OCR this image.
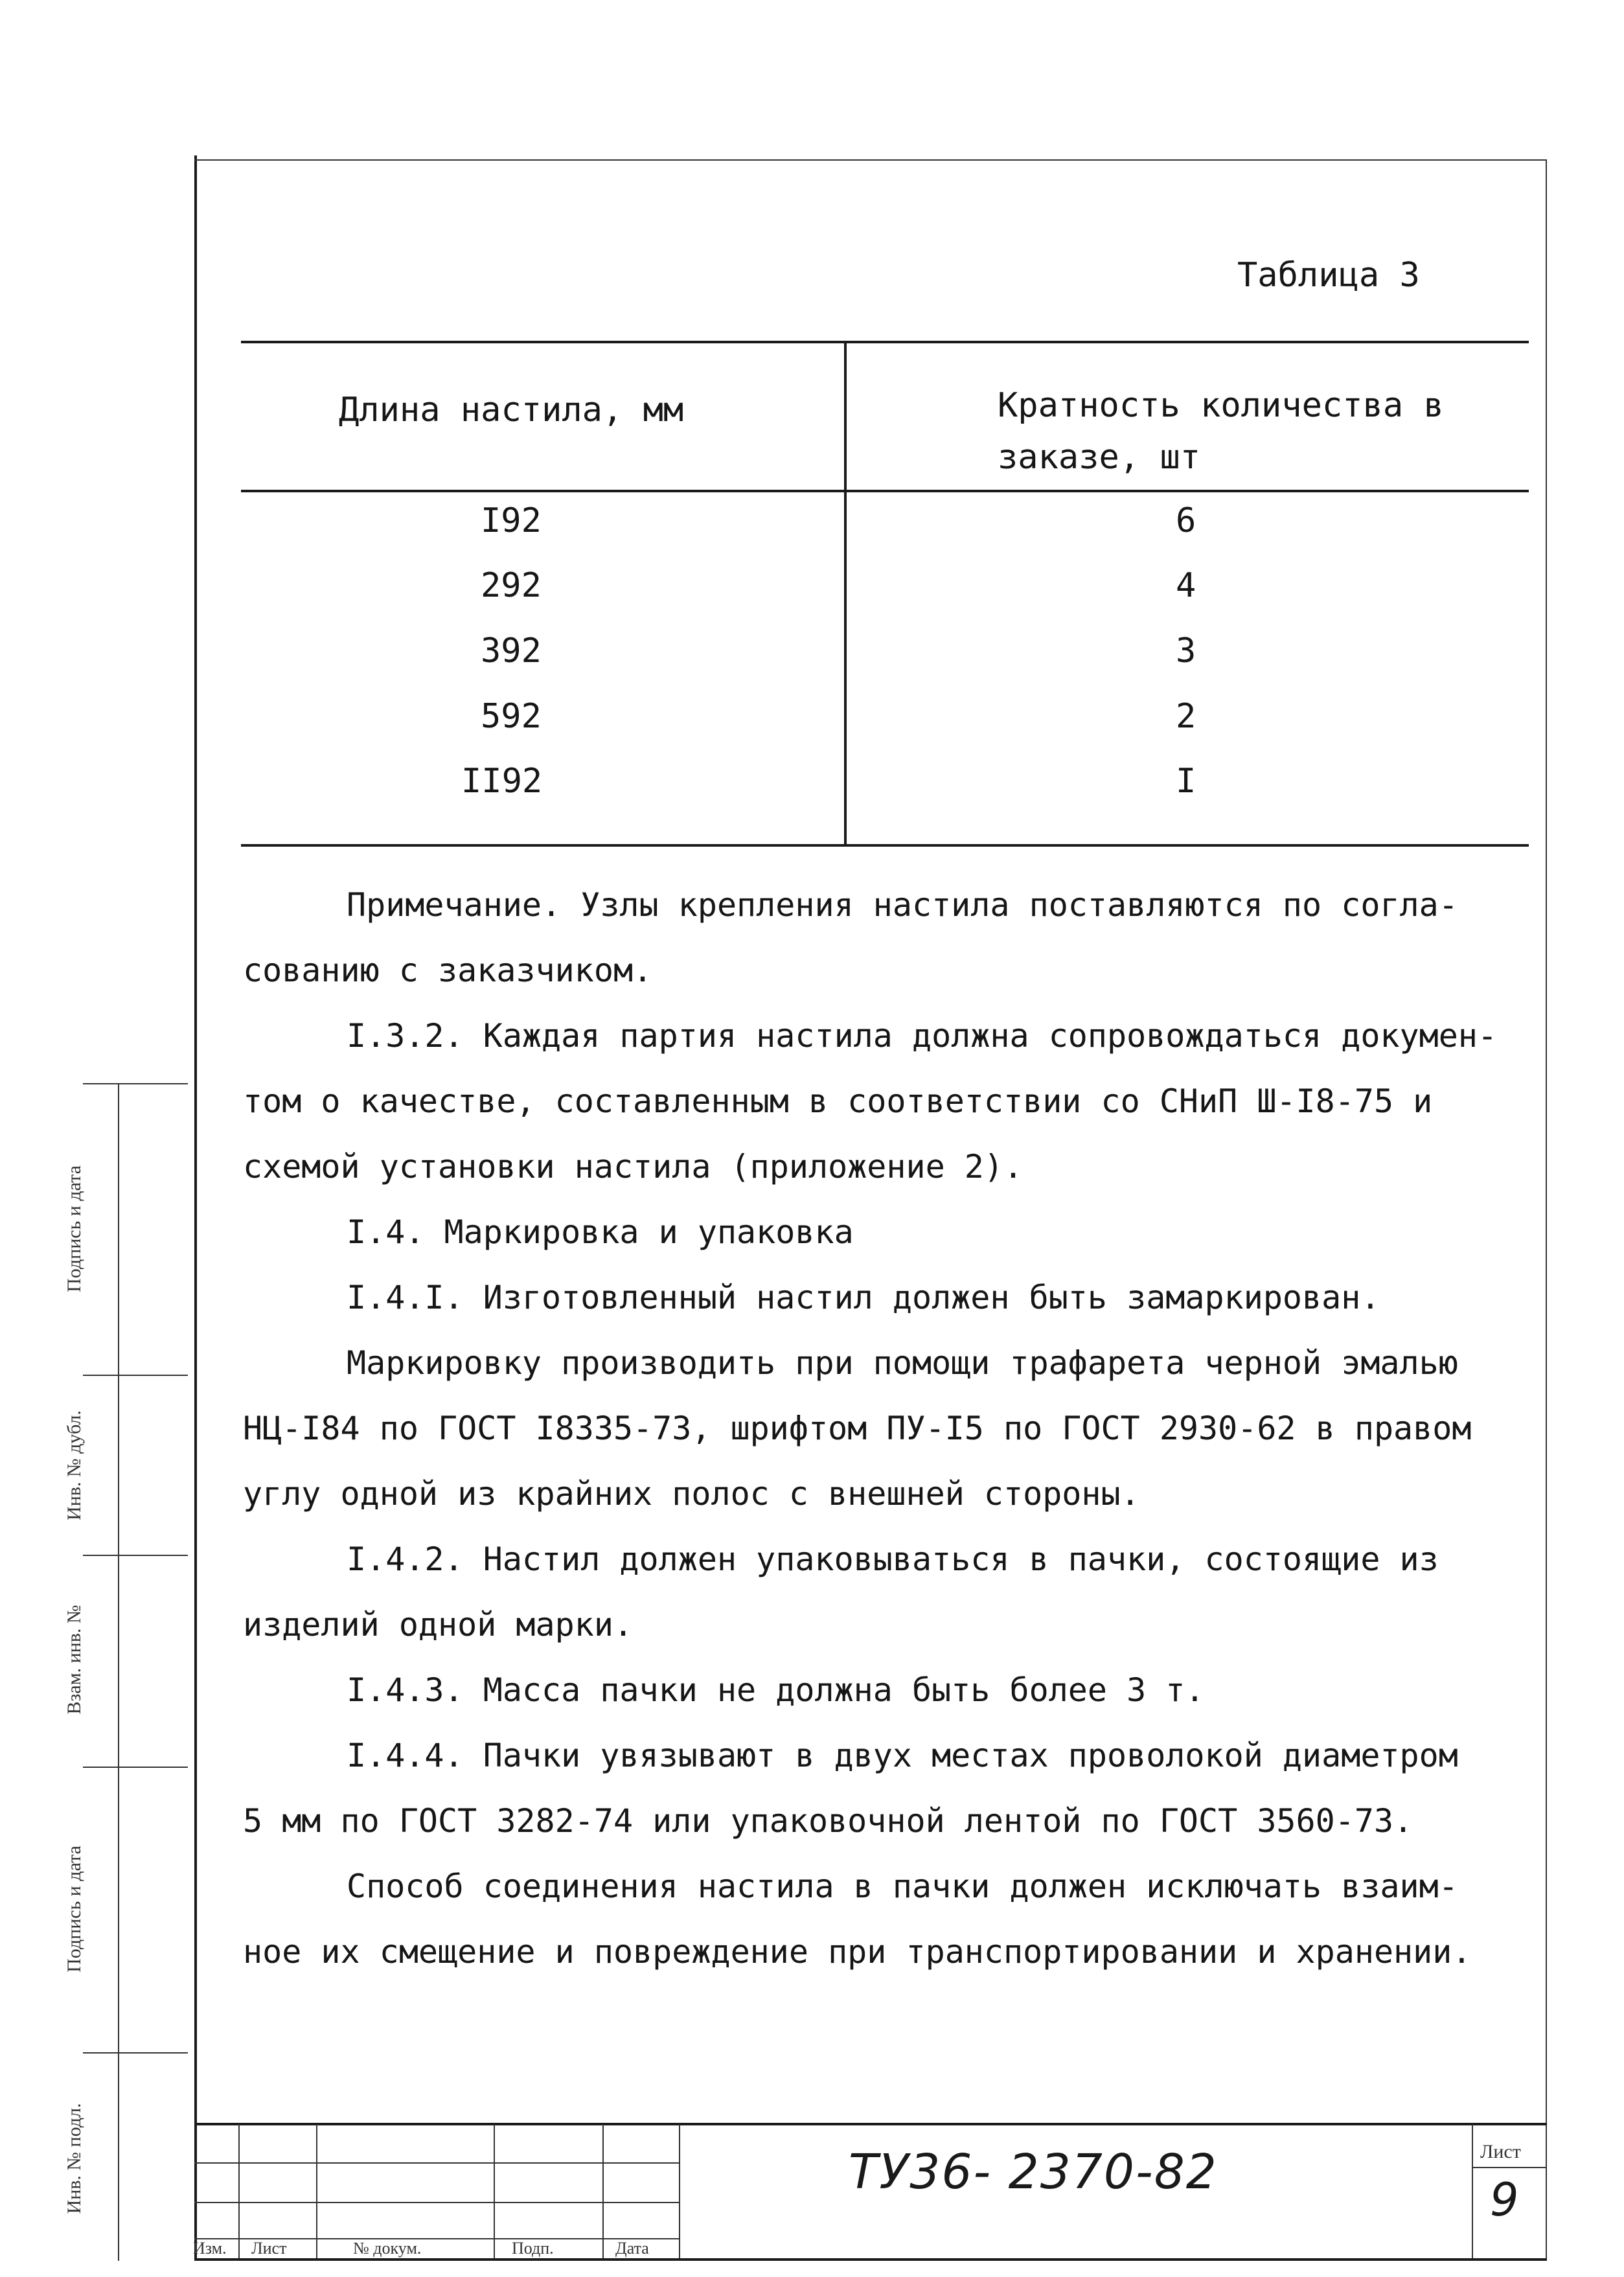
Таблица 3
Длина настила, мм	Кратность количества в
заказе, шт
I92	6
292	4
392	3
592	2
II92	I
Примечание. Узлы крепления настила поставляются по согла-
сованию с заказчиком.
I.3.2. Каждая партия настила должна сопровождаться докумен-
том о качестве, составленным в соответствии со СНиП Ш-I8-75 и
схемой установки настила (приложение 2).
I.4. Маркировка и упаковка
I.4.I. Изготовленный настил должен быть замаркирован.
Маркировку производить при помощи трафарета черной эмалью
НЦ-I84 по ГОСТ I8335-73, шрифтом ПУ-I5 по ГОСТ 2930-62 в правом
углу одной из крайних полос с внешней стороны.
I.4.2. Настил должен упаковываться в пачки, состоящие из
изделий одной марки.
I.4.3. Масса пачки не должна быть более 3 т.
I.4.4. Пачки увязывают в двух местах проволокой диаметром
5 мм по ГОСТ 3282-74 или упаковочной лентой по ГОСТ 3560-73.
Способ соединения настила в пачки должен исключать взаим-
ное их смещение и повреждение при транспортировании и хранении.
Подпись и дата
Инв. № дубл.
Взам. инв. №
Подпись и дата
Инв. № подл.
Изм. Лист	№ докум.	Подп.	Дата
ТУ36- 2370-82	Лист
9
